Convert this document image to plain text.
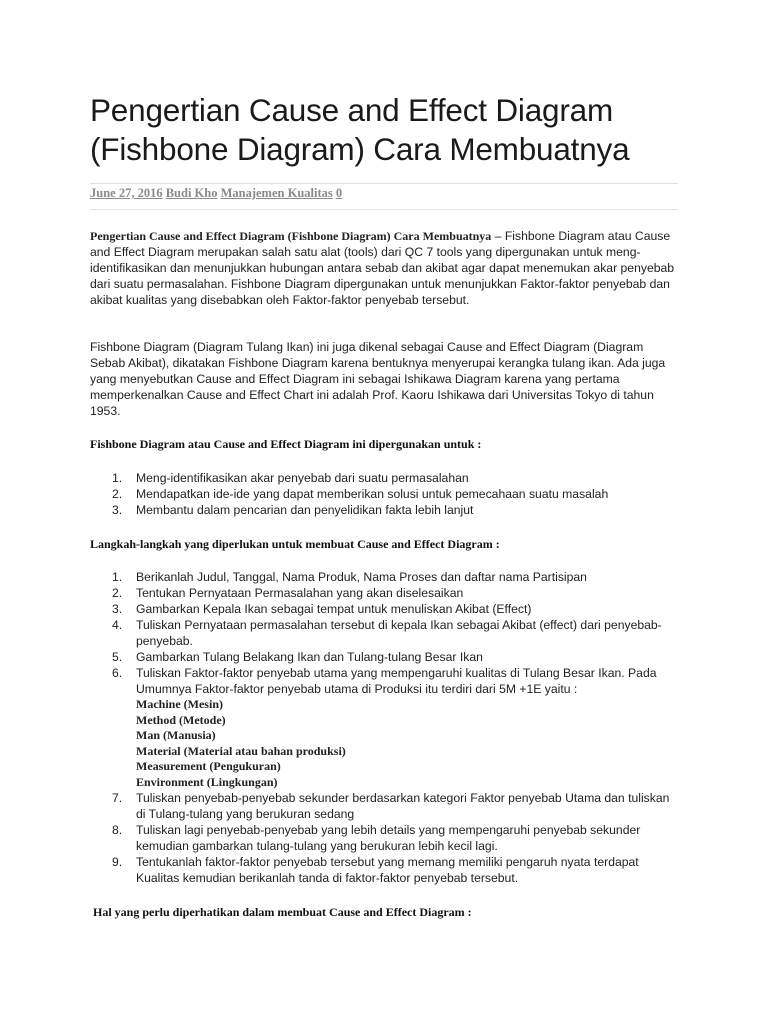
Pengertian Cause and Effect Diagram (Fishbone Diagram) Cara Membuatnya
June 27, 2016 Budi Kho Manajemen Kualitas 0

Pengertian Cause and Effect Diagram (Fishbone Diagram) Cara Membuatnya – Fishbone Diagram atau Cause and Effect Diagram merupakan salah satu alat (tools) dari QC 7 tools yang dipergunakan untuk meng-identifikasikan dan menunjukkan hubungan antara sebab dan akibat agar dapat menemukan akar penyebab dari suatu permasalahan. Fishbone Diagram dipergunakan untuk menunjukkan Faktor-faktor penyebab dan akibat kualitas yang disebabkan oleh Faktor-faktor penyebab tersebut.

Fishbone Diagram (Diagram Tulang Ikan) ini juga dikenal sebagai Cause and Effect Diagram (Diagram Sebab Akibat), dikatakan Fishbone Diagram karena bentuknya menyerupai kerangka tulang ikan. Ada juga yang menyebutkan Cause and Effect Diagram ini sebagai Ishikawa Diagram karena yang pertama memperkenalkan Cause and Effect Chart ini adalah Prof. Kaoru Ishikawa dari Universitas Tokyo di tahun 1953.

Fishbone Diagram atau Cause and Effect Diagram ini dipergunakan untuk :
1. Meng-identifikasikan akar penyebab dari suatu permasalahan
2. Mendapatkan ide-ide yang dapat memberikan solusi untuk pemecahaan suatu masalah
3. Membantu dalam pencarian dan penyelidikan fakta lebih lanjut
Langkah-langkah yang diperlukan untuk membuat Cause and Effect Diagram :
1. Berikanlah Judul, Tanggal, Nama Produk, Nama Proses dan daftar nama Partisipan
2. Tentukan Pernyataan Permasalahan yang akan diselesaikan
3. Gambarkan Kepala Ikan sebagai tempat untuk menuliskan Akibat (Effect)
4. Tuliskan Pernyataan permasalahan tersebut di kepala Ikan sebagai Akibat (effect) dari penyebab-penyebab.
5. Gambarkan Tulang Belakang Ikan dan Tulang-tulang Besar Ikan
6. Tuliskan Faktor-faktor penyebab utama yang mempengaruhi kualitas di Tulang Besar Ikan. Pada Umumnya Faktor-faktor penyebab utama di Produksi itu terdiri dari 5M +1E yaitu :
Machine (Mesin)
Method (Metode)
Man (Manusia)
Material (Material atau bahan produksi)
Measurement (Pengukuran)
Environment (Lingkungan)
7. Tuliskan penyebab-penyebab sekunder berdasarkan kategori Faktor penyebab Utama dan tuliskan di Tulang-tulang yang berukuran sedang
8. Tuliskan lagi penyebab-penyebab yang lebih details yang mempengaruhi penyebab sekunder kemudian gambarkan tulang-tulang yang berukuran lebih kecil lagi.
9. Tentukanlah faktor-faktor penyebab tersebut yang memang memiliki pengaruh nyata terdapat Kualitas kemudian berikanlah tanda di faktor-faktor penyebab tersebut.
Hal yang perlu diperhatikan dalam membuat Cause and Effect Diagram :
